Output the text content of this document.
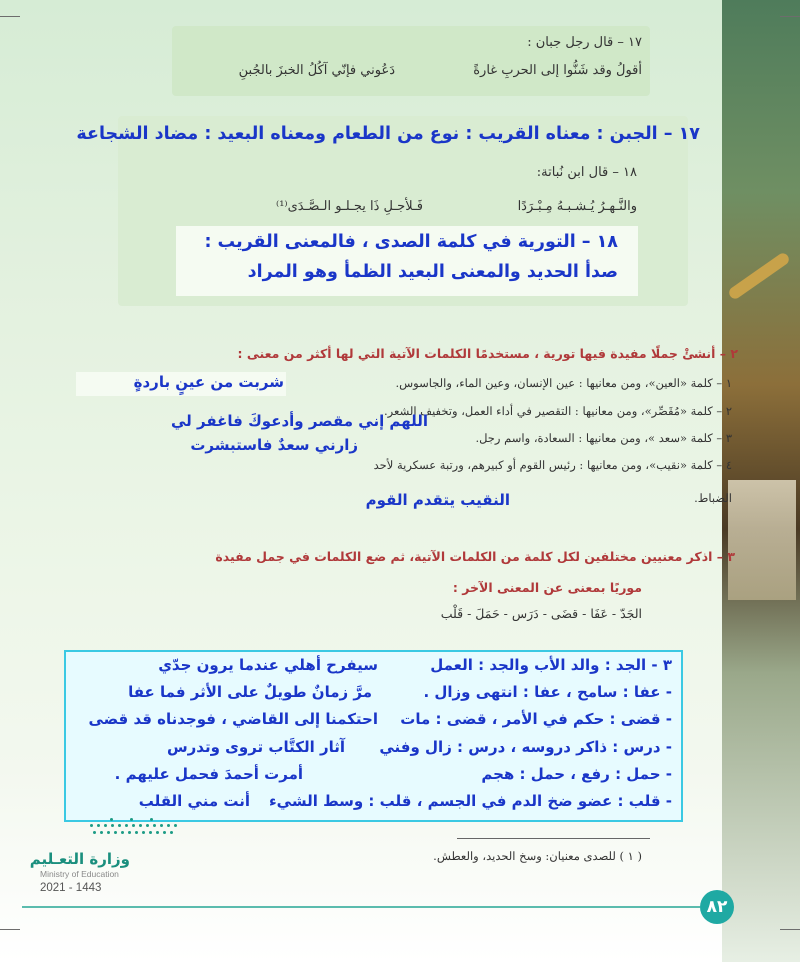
١٧ – قال رجل جبان :
أقولُ وقد شَنُّوا إلى الحربِ غارةً
دَعُوني فإنّي آكُلُ الخبزَ بالجُبنِ
١٧ – الجبن : معناه القريب : نوع من الطعام ومعناه البعيد : مضاد الشجاعة
١٨ – قال ابن نُباتة:
والنَّـهـرُ يُـشـبـهُ مِـبْـرَدًا
فَـلأجـلِ ذَا يجـلـو الـصَّـدَى⁽¹⁾
١٨ – التورية في كلمة الصدى ، فالمعنى القريب :
صدأ الحديد والمعنى البعيد الظمأ وهو المراد
٢ – أنشئْ جملًا مفيدة فيها تورية ، مستخدمًا الكلمات الآتية التي لها أكثر من معنى :
١ – كلمة «العين»، ومن معانيها : عين الإنسان، وعين الماء، والجاسوس.
٢ – كلمة «مُقَصِّر»، ومن معانيها : التقصير في أداء العمل، وتخفيف الشعر.
٣ – كلمة «سعد »، ومن معانيها : السعادة، واسم رجل.
٤ – كلمة «نقيب»، ومن معانيها : رئيس القوم أو كبيرهم، ورتبة عسكرية لأحد
الضباط.
شربت من عينٍ باردةٍ
اللهم إني مقصر وأدعوكَ فاغفر لي
زارني سعدٌ فاستبشرت
النقيب يتقدم القوم
٣ – اذكر معنيين مختلفين لكل كلمة من الكلمات الآتية، ثم ضع الكلمات في جمل مفيدة
موريًا بمعنى عن المعنى الآخر :
الجَدّ - عَفَا - قضَى - دَرَس - حَمَلَ - قَلْب
٣ - الجد : والد الأب والجد : العمل
سيفرح أهلي عندما يرون جدّي
- عفا : سامح ، عفا : انتهى وزال .
مرَّ زمانٌ طويلٌ على الأثر فما عفا
- قضى : حكم في الأمر ، قضى : مات
احتكمنا إلى القاضي ، فوجدناه قد قضى
- درس : ذاكر دروسه ، درس : زال وفني
آثار الكتَّاب تروى وتدرس
- حمل : رفع ، حمل : هجم
أمرت أحمدَ فحمل عليهم .
- قلب : عضو ضخ الدم في الجسم ، قلب : وسط الشيء
أنت مني القلب
( ١ ) للصدى معنيان: وسخ الحديد، والعطش.
وزارة التعـليم
Ministry of Education
2021 - 1443
٨٢
